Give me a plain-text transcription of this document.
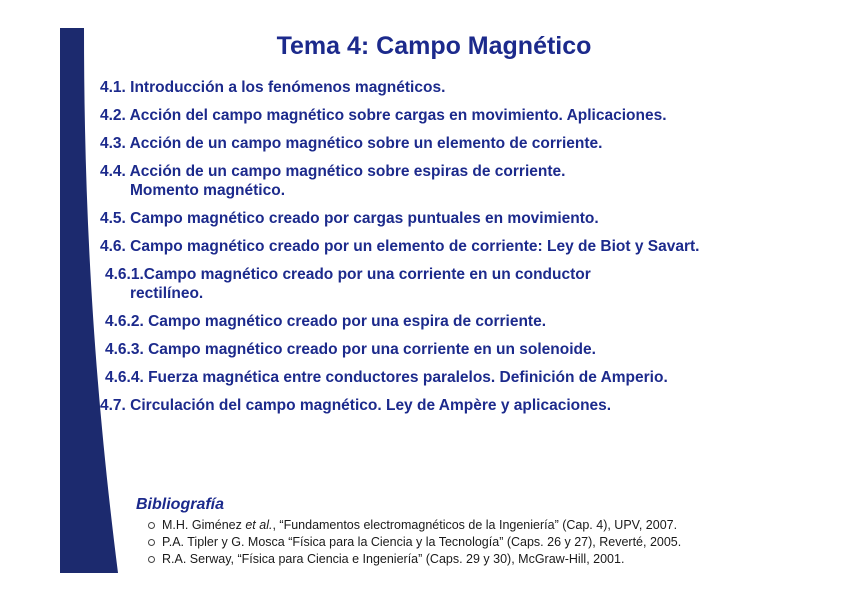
Tema 4: Campo Magnético
4.1. Introducción a los fenómenos magnéticos.
4.2. Acción del campo magnético sobre cargas en movimiento. Aplicaciones.
4.3. Acción de un campo magnético sobre un elemento de corriente.
4.4. Acción de un campo magnético sobre espiras de corriente.
Momento magnético.
4.5. Campo magnético creado por cargas puntuales en movimiento.
4.6. Campo magnético creado por un elemento de corriente: Ley de Biot y Savart.
4.6.1.Campo magnético creado por una corriente en un conductor
rectilíneo.
4.6.2. Campo magnético creado por una espira de corriente.
4.6.3. Campo magnético creado por una corriente en un solenoide.
4.6.4. Fuerza magnética entre conductores paralelos. Definición de Amperio.
4.7. Circulación del campo magnético. Ley de Ampère y aplicaciones.
Bibliografía
M.H. Giménez et al., “Fundamentos electromagnéticos de la Ingeniería” (Cap. 4), UPV, 2007.
P.A. Tipler y G. Mosca “Física para la Ciencia y la Tecnología” (Caps. 26 y 27), Reverté, 2005.
R.A. Serway, “Física para Ciencia e Ingeniería” (Caps. 29 y 30), McGraw-Hill, 2001.
